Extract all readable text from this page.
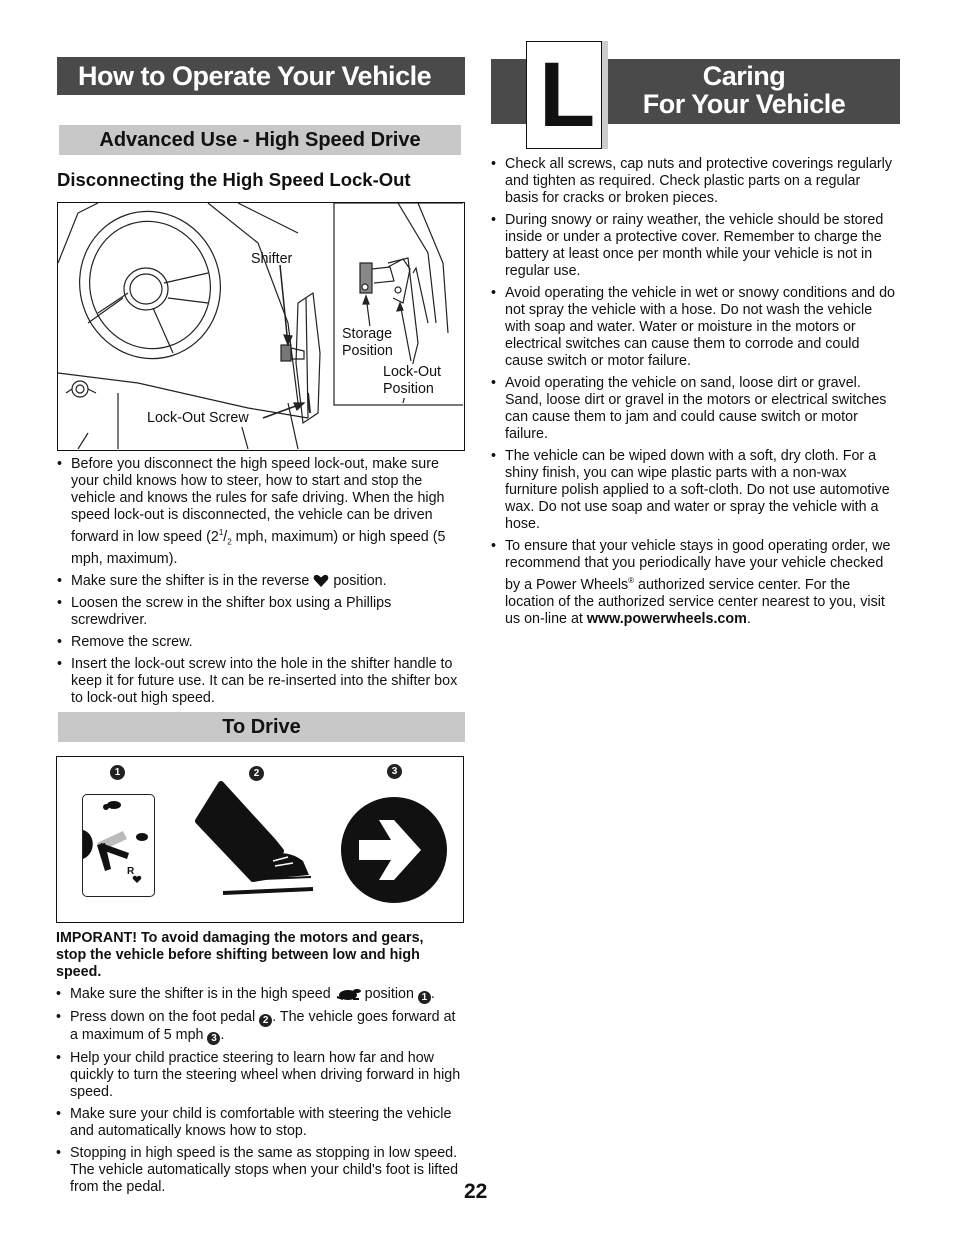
How to Operate Your Vehicle
Advanced Use - High Speed Drive
Disconnecting the High Speed Lock-Out
Shifter
Storage
Position
Lock-Out
Position
Lock-Out Screw
• Before you disconnect the high speed lock-out, make sure your child knows how to steer, how to start and stop the vehicle and knows the rules for safe driving. When the high speed lock-out is disconnected, the vehicle can be driven forward in low speed ($2^1/_2$ mph, maximum) or high speed (5 mph, maximum).
• Make sure the shifter is in the reverse  position.
• Loosen the screw in the shifter box using a Phillips screwdriver.
• Remove the screw.
• Insert the lock-out screw into the hole in the shifter handle to keep it for future use. It can be re-inserted into the shifter box to lock-out high speed.
To Drive
1	2	3
R
IMPORANT! To avoid damaging the motors and gears, stop the vehicle before shifting between low and high speed.
• Make sure the shifter is in the high speed  position 1 .
• Press down on the foot pedal 2 . The vehicle goes forward at a maximum of 5 mph 3 .
• Help your child practice steering to learn how far and how quickly to turn the steering wheel when driving forward in high speed.
• Make sure your child is comfortable with steering the vehicle and automatically knows how to stop.
• Stopping in high speed is the same as stopping in low speed. The vehicle automatically stops when your child's foot is lifted from the pedal.
L	Caring
For Your Vehicle
• Check all screws, cap nuts and protective coverings regularly and tighten as required. Check plastic parts on a regular basis for cracks or broken pieces.
• During snowy or rainy weather, the vehicle should be stored inside or under a protective cover. Remember to charge the battery at least once per month while your vehicle is not in regular use.
• Avoid operating the vehicle in wet or snowy conditions and do not spray the vehicle with a hose. Do not wash the vehicle with soap and water. Water or moisture in the motors or electrical switches can cause them to corrode and could cause switch or motor failure.
• Avoid operating the vehicle on sand, loose dirt or gravel. Sand, loose dirt or gravel in the motors or electrical switches can cause them to jam and could cause switch or motor failure.
• The vehicle can be wiped down with a soft, dry cloth. For a shiny finish, you can wipe plastic parts with a non-wax furniture polish applied to a soft-cloth. Do not use automotive wax. Do not use soap and water or spray the vehicle with a hose.
• To ensure that your vehicle stays in good operating order, we recommend that you periodically have your vehicle checked by a Power Wheels® authorized service center. For the location of the authorized service center nearest to you, visit us on-line at www.powerwheels.com.
22
